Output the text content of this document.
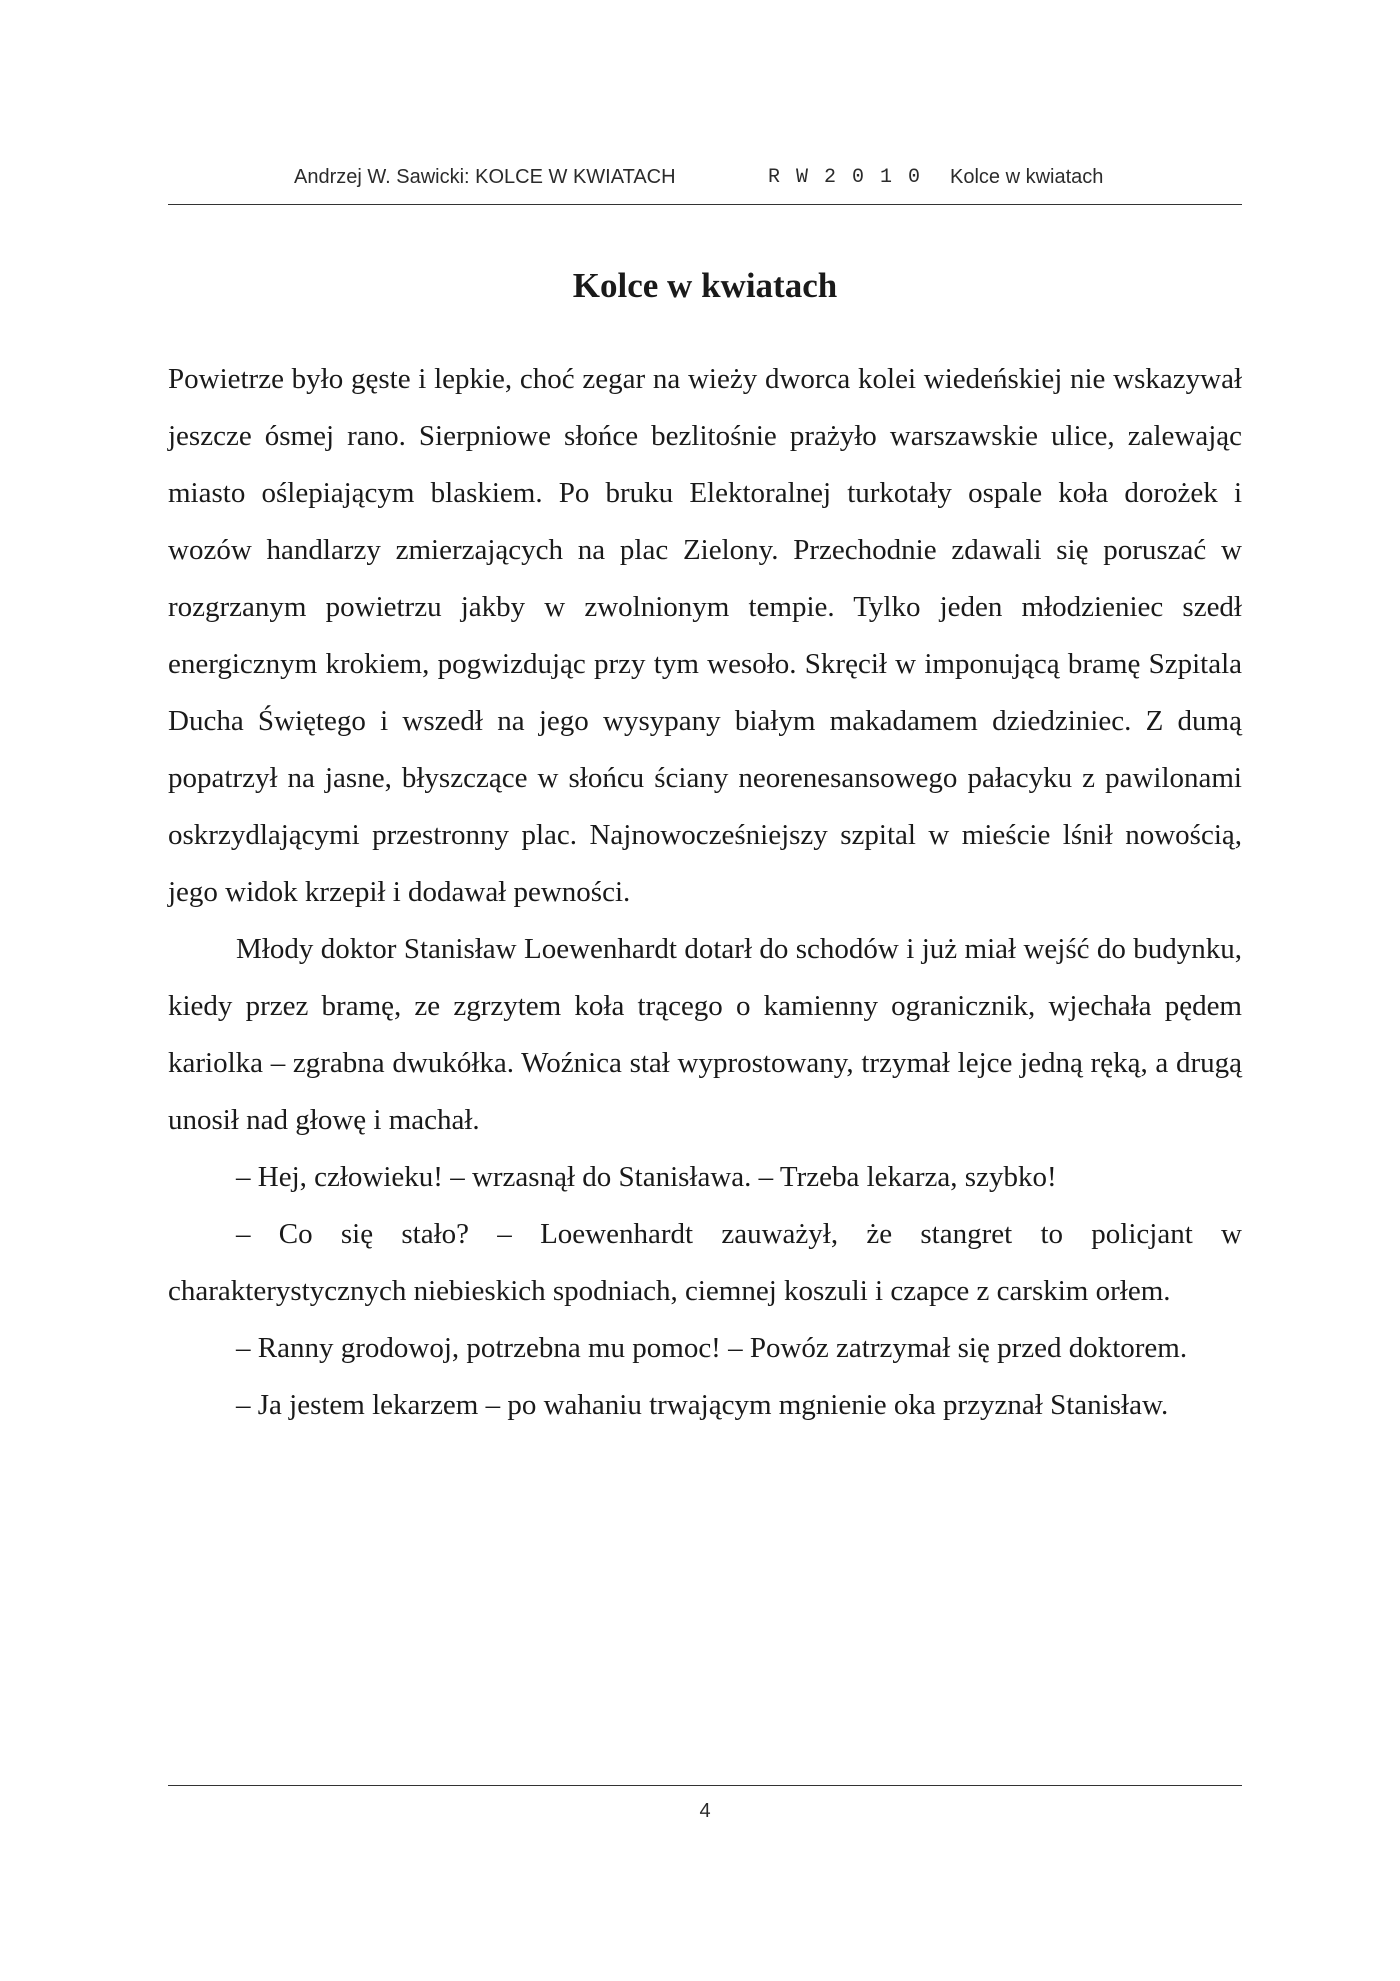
Andrzej W. Sawicki: KOLCE W KWIATACH	R W 2 0 1 0 Kolce w kwiatach
Kolce w kwiatach

Powietrze było gęste i lepkie, choć zegar na wieży dworca kolei wiedeńskiej nie wskazywał jeszcze ósmej rano. Sierpniowe słońce bezlitośnie prażyło warszawskie ulice, zalewając miasto oślepiającym blaskiem. Po bruku Elektoralnej turkotały ospale koła dorożek i wozów handlarzy zmierzających na plac Zielony. Przechodnie zdawali się poruszać w rozgrzanym powietrzu jakby w zwolnionym tempie. Tylko jeden młodzieniec szedł energicznym krokiem, pogwizdując przy tym wesoło. Skręcił w imponującą bramę Szpitala Ducha Świętego i wszedł na jego wysypany białym makadamem dziedziniec. Z dumą popatrzył na jasne, błyszczące w słońcu ściany neorenesansowego pałacyku z pawilonami oskrzydlającymi przestronny plac. Najnowocześniejszy szpital w mieście lśnił nowością, jego widok krzepił i dodawał pewności.

Młody doktor Stanisław Loewenhardt dotarł do schodów i już miał wejść do budynku, kiedy przez bramę, ze zgrzytem koła trącego o kamienny ogranicznik, wjechała pędem kariolka – zgrabna dwukółka. Woźnica stał wyprostowany, trzymał lejce jedną ręką, a drugą unosił nad głowę i machał.

– Hej, człowieku! – wrzasnął do Stanisława. – Trzeba lekarza, szybko!

– Co się stało? – Loewenhardt zauważył, że stangret to policjant w charakterystycznych niebieskich spodniach, ciemnej koszuli i czapce z carskim orłem.

– Ranny grodowoj, potrzebna mu pomoc! – Powóz zatrzymał się przed doktorem.

– Ja jestem lekarzem – po wahaniu trwającym mgnienie oka przyznał Stanisław.

4
